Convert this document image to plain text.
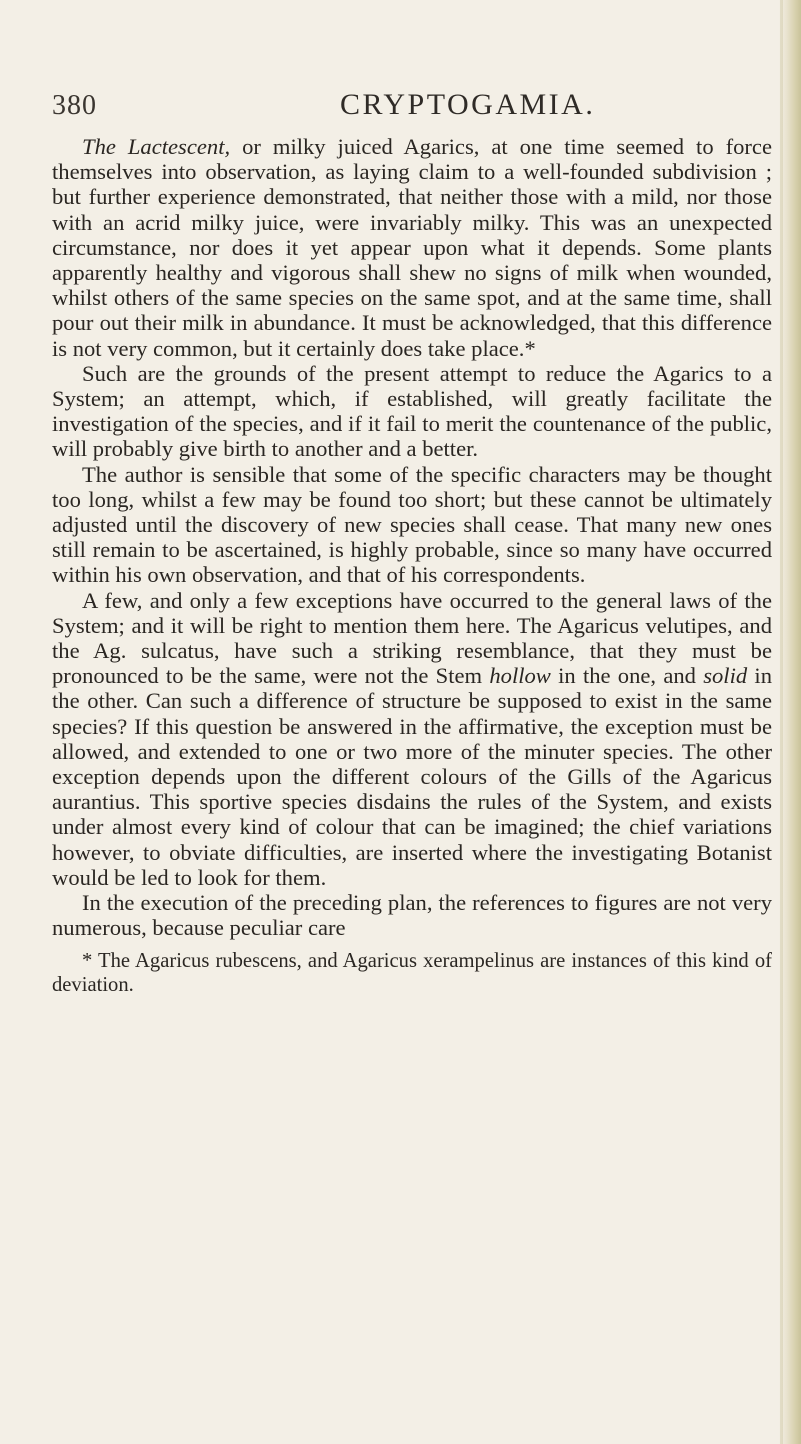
380	CRYPTOGAMIA.

The Lactescent, or milky juiced Agarics, at one time seemed to force themselves into observation, as laying claim to a well-founded subdivision ; but further experience demonstrated, that neither those with a mild, nor those with an acrid milky juice, were invariably milky. This was an unexpected circumstance, nor does it yet appear upon what it depends. Some plants apparently healthy and vigorous shall shew no signs of milk when wounded, whilst others of the same species on the same spot, and at the same time, shall pour out their milk in abundance. It must be acknowledged, that this difference is not very common, but it certainly does take place.*

Such are the grounds of the present attempt to reduce the Agarics to a System; an attempt, which, if established, will greatly facilitate the investigation of the species, and if it fail to merit the countenance of the public, will probably give birth to another and a better.

The author is sensible that some of the specific characters may be thought too long, whilst a few may be found too short; but these cannot be ultimately adjusted until the discovery of new species shall cease. That many new ones still remain to be ascertained, is highly probable, since so many have occurred within his own observation, and that of his correspondents.

A few, and only a few exceptions have occurred to the general laws of the System; and it will be right to mention them here. The Agaricus velutipes, and the Ag. sulcatus, have such a striking resemblance, that they must be pronounced to be the same, were not the Stem hollow in the one, and solid in the other. Can such a difference of structure be supposed to exist in the same species? If this question be answered in the affirmative, the exception must be allowed, and extended to one or two more of the minuter species. The other exception depends upon the different colours of the Gills of the Agaricus aurantius. This sportive species disdains the rules of the System, and exists under almost every kind of colour that can be imagined; the chief variations however, to obviate difficulties, are inserted where the investigating Botanist would be led to look for them.

In the execution of the preceding plan, the references to figures are not very numerous, because peculiar care

* The Agaricus rubescens, and Agaricus xerampelinus are instances of this kind of deviation.
